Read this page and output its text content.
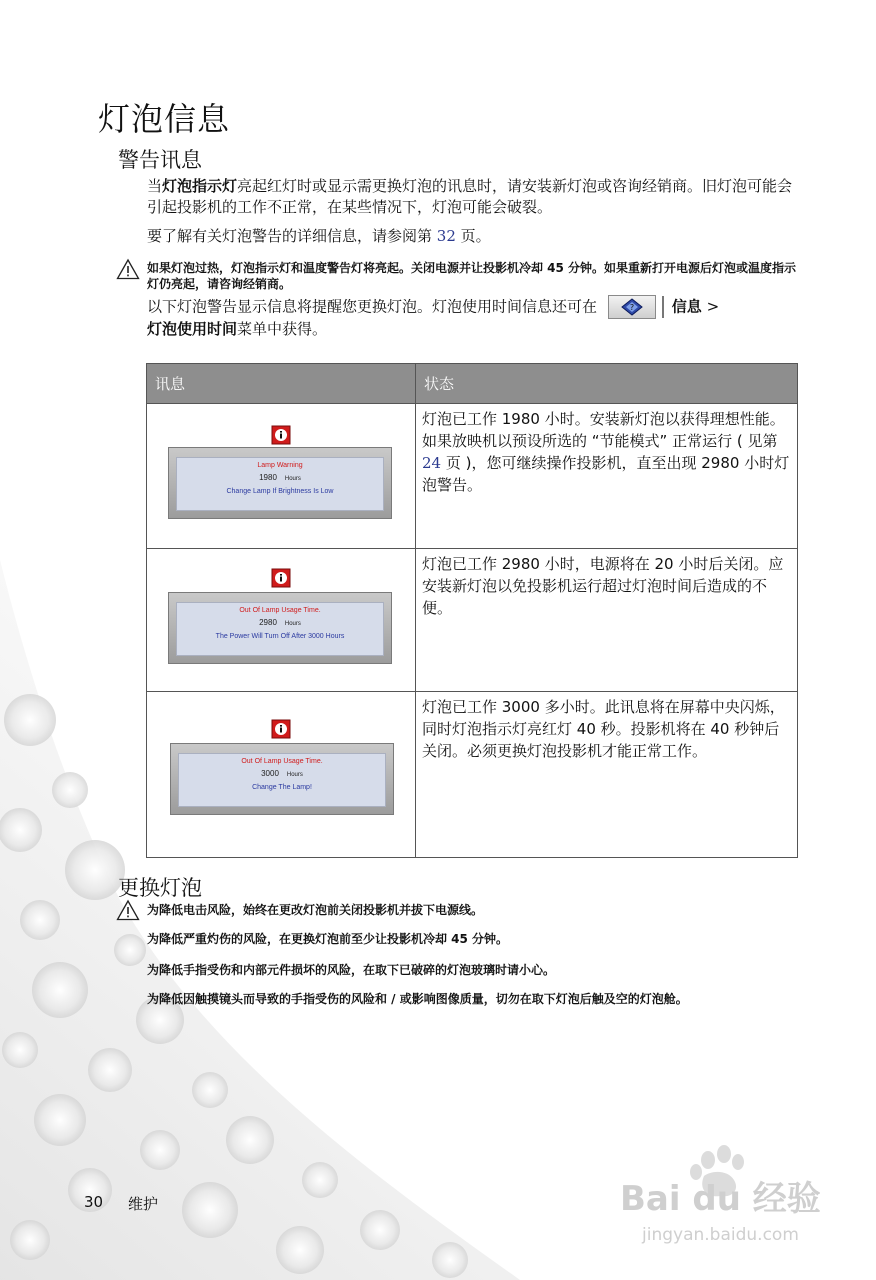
灯泡信息
警告讯息
当灯泡指示灯亮起红灯时或显示需更换灯泡的讯息时，请安装新灯泡或咨询经销商。旧灯泡可能会引起投影机的工作不正常，在某些情况下，灯泡可能会破裂。
要了解有关灯泡警告的详细信息，请参阅第 32 页。
如果灯泡过热，灯泡指示灯和温度警告灯将亮起。关闭电源并让投影机冷却 45 分钟。如果重新打开电源后灯泡或温度指示灯仍亮起，请咨询经销商。
以下灯泡警告显示信息将提醒您更换灯泡。灯泡使用时间信息还可在	?	信息 >
灯泡使用时间菜单中获得。
讯息	状态

Lamp Warning
1980 Hours
Change Lamp If Brightness Is Low	灯泡已工作 1980 小时。安装新灯泡以获得理想性能。如果放映机以预设所选的 “节能模式” 正常运行 ( 见第 24 页 )，您可继续操作投影机，直至出现 2980 小时灯泡警告。

Out Of Lamp Usage Time.
2980 Hours
The Power Will Turn Off After 3000 Hours	灯泡已工作 2980 小时，电源将在 20 小时后关闭。应安装新灯泡以免投影机运行超过灯泡时间后造成的不便。

Out Of Lamp Usage Time.
3000 Hours
Change The Lamp!	灯泡已工作 3000 多小时。此讯息将在屏幕中央闪烁，同时灯泡指示灯亮红灯 40 秒。投影机将在 40 秒钟后关闭。必须更换灯泡投影机才能正常工作。
更换灯泡
为降低电击风险，始终在更改灯泡前关闭投影机并拔下电源线。
为降低严重灼伤的风险，在更换灯泡前至少让投影机冷却 45 分钟。
为降低手指受伤和内部元件损坏的风险，在取下已破碎的灯泡玻璃时请小心。
为降低因触摸镜头而导致的手指受伤的风险和 / 或影响图像质量，切勿在取下灯泡后触及空的灯泡舱。
30 维护	Bai du 经验
jingyan.baidu.com
